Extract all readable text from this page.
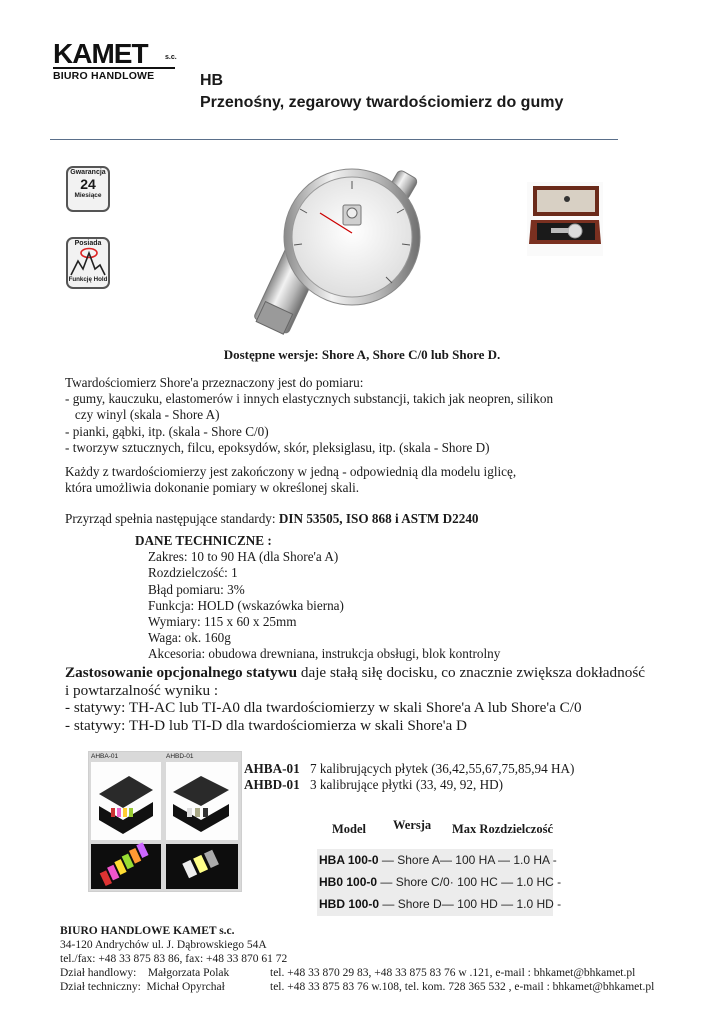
KAMET s.c.
BIURO HANDLOWE	HB
Przenośny, zegarowy twardościomierz do gumy
Gwarancja
24
Miesiące
Posiada
Funkcję Hold
Dostępne wersje: Shore A, Shore C/0 lub Shore D.
Twardościomierz Shore'a przeznaczony jest do pomiaru:
- gumy, kauczuku, elastomerów i innych elastycznych substancji, takich jak neopren, silikon
czy winyl (skala - Shore A)
- pianki, gąbki, itp. (skala - Shore C/0)
- tworzyw sztucznych, filcu, epoksydów, skór, pleksiglasu, itp. (skala - Shore D)
Każdy z twardościomierzy jest zakończony w jedną - odpowiednią dla modelu iglicę,
która umożliwia dokonanie pomiary w określonej skali.
Przyrząd spełnia następujące standardy: DIN 53505, ISO 868 i ASTM D2240
DANE TECHNICZNE :
Zakres: 10 to 90 HA (dla Shore'a A)
Rozdzielczość: 1
Błąd pomiaru: 3%
Funkcja: HOLD (wskazówka bierna)
Wymiary: 115 x 60 x 25mm
Waga: ok. 160g
Akcesoria: obudowa drewniana, instrukcja obsługi, blok kontrolny
Zastosowanie opcjonalnego statywu daje stałą siłę docisku, co znacznie zwiększa dokładność
i powtarzalność wyniku :
- statywy: TH-AC lub TI-A0 dla twardościomierzy w skali Shore'a A lub Shore'a C/0
- statywy: TH-D lub TI-D dla twardościomierza w skali Shore'a D
AHBA-01	AHBD-01
AHBA-01 7 kalibrujących płytek (36,42,55,67,75,85,94 HA)
AHBD-01 3 kalibrujące płytki (33, 49, 92, HD)
Model Wersja Max Rozdzielczość
HBA 100-0 — Shore A— 100 HA — 1.0 HA -
HB0 100-0 — Shore C/0· 100 HC — 1.0 HC -
HBD 100-0 — Shore D— 100 HD — 1.0 HD -
BIURO HANDLOWE KAMET s.c.
34-120 Andrychów ul. J. Dąbrowskiego 54A
tel./fax: +48 33 875 83 86, fax: +48 33 870 61 72
Dział handlowy:    Małgorzata Polak	tel. +48 33 870 29 83, +48 33 875 83 76 w .121, e-mail : bhkamet@bhkamet.pl
Dział techniczny:  Michał Opyrchał	tel. +48 33 875 83 76 w.108, tel. kom. 728 365 532 , e-mail : bhkamet@bhkamet.pl
